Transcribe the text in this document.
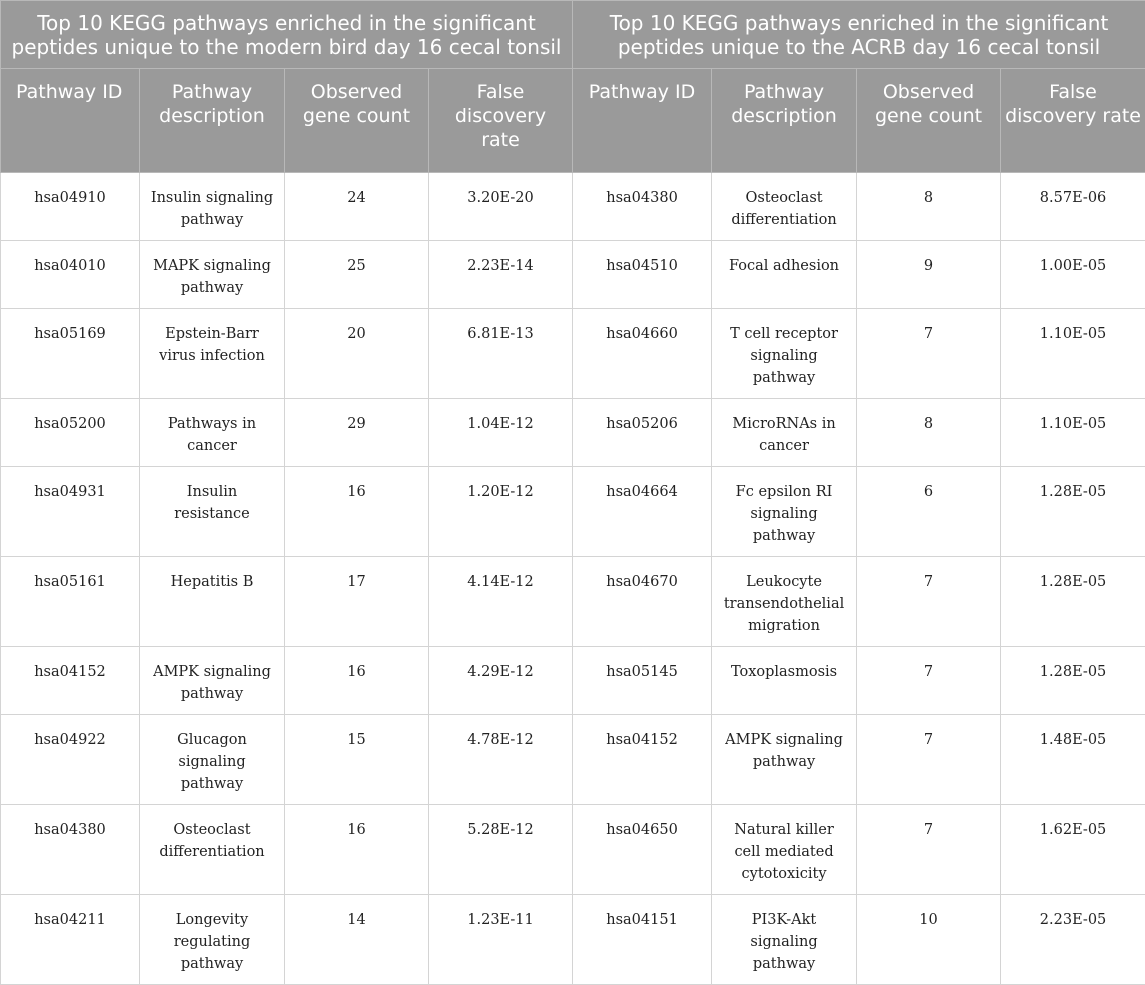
Top 10 KEGG pathways enriched in the significant peptides unique to the modern bird day 16 cecal tonsil				Top 10 KEGG pathways enriched in the significant peptides unique to the ACRB day 16 cecal tonsil			
Pathway ID	Pathway description	Observed gene count	False discovery rate	Pathway ID	Pathway description	Observed gene count	False discovery rate
hsa04910	Insulin signaling pathway	24	3.20E-20	hsa04380	Osteoclast differentiation	8	8.57E-06
hsa04010	MAPK signaling pathway	25	2.23E-14	hsa04510	Focal adhesion	9	1.00E-05
hsa05169	Epstein-Barr virus infection	20	6.81E-13	hsa04660	T cell receptor signaling pathway	7	1.10E-05
hsa05200	Pathways in cancer	29	1.04E-12	hsa05206	MicroRNAs in cancer	8	1.10E-05
hsa04931	Insulin resistance	16	1.20E-12	hsa04664	Fc epsilon RI signaling pathway	6	1.28E-05
hsa05161	Hepatitis B	17	4.14E-12	hsa04670	Leukocyte transendothelial migration	7	1.28E-05
hsa04152	AMPK signaling pathway	16	4.29E-12	hsa05145	Toxoplasmosis	7	1.28E-05
hsa04922	Glucagon signaling pathway	15	4.78E-12	hsa04152	AMPK signaling pathway	7	1.48E-05
hsa04380	Osteoclast differentiation	16	5.28E-12	hsa04650	Natural killer cell mediated cytotoxicity	7	1.62E-05
hsa04211	Longevity regulating pathway	14	1.23E-11	hsa04151	PI3K-Akt signaling pathway	10	2.23E-05
